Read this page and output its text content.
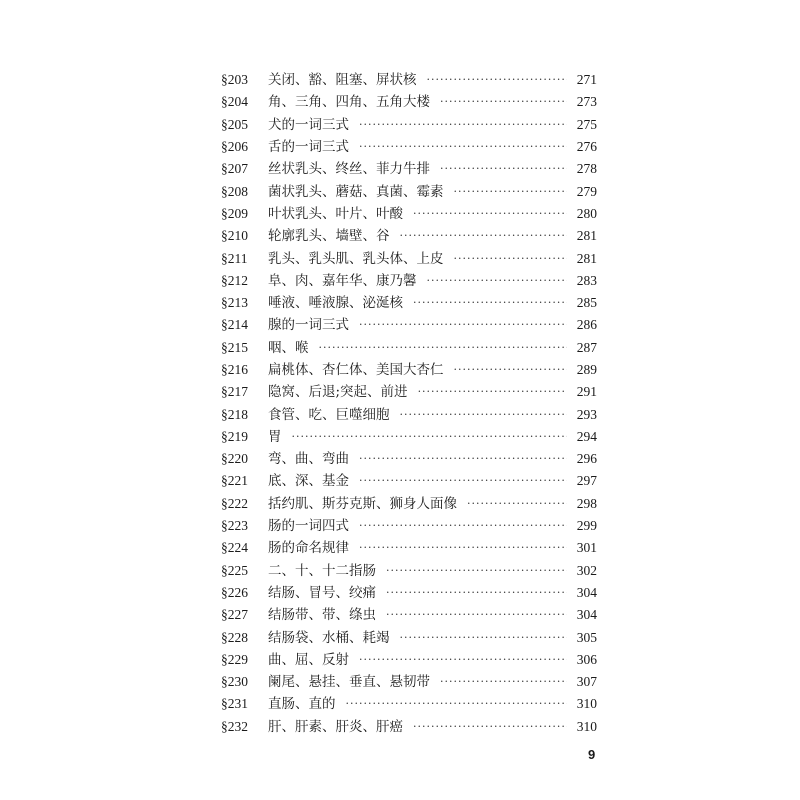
§203	关闭、豁、阻塞、屏状核 ·····	271
§204	角、三角、四角、五角大楼 ·····	273
§205	犬的一词三式 ·····	275
§206	舌的一词三式 ·····	276
§207	丝状乳头、终丝、菲力牛排 ·····	278
§208	菌状乳头、蘑菇、真菌、霉素 ·····	279
§209	叶状乳头、叶片、叶酸 ·····	280
§210	轮廓乳头、墙壁、谷 ·····	281
§211	乳头、乳头肌、乳头体、上皮 ·····	281
§212	阜、肉、嘉年华、康乃馨 ·····	283
§213	唾液、唾液腺、泌涎核 ·····	285
§214	腺的一词三式 ·····	286
§215	咽、喉 ·····	287
§216	扁桃体、杏仁体、美国大杏仁 ·····	289
§217	隐窝、后退;突起、前进 ·····	291
§218	食管、吃、巨噬细胞 ·····	293
§219	胃 ·····	294
§220	弯、曲、弯曲 ·····	296
§221	底、深、基金 ·····	297
§222	括约肌、斯芬克斯、狮身人面像 ·····	298
§223	肠的一词四式 ·····	299
§224	肠的命名规律 ·····	301
§225	二、十、十二指肠 ·····	302
§226	结肠、冒号、绞痛 ·····	304
§227	结肠带、带、绦虫 ·····	304
§228	结肠袋、水桶、耗竭 ·····	305
§229	曲、屈、反射 ·····	306
§230	阑尾、悬挂、垂直、悬韧带 ·····	307
§231	直肠、直的 ·····	310
§232	肝、肝素、肝炎、肝癌 ·····	310
9
